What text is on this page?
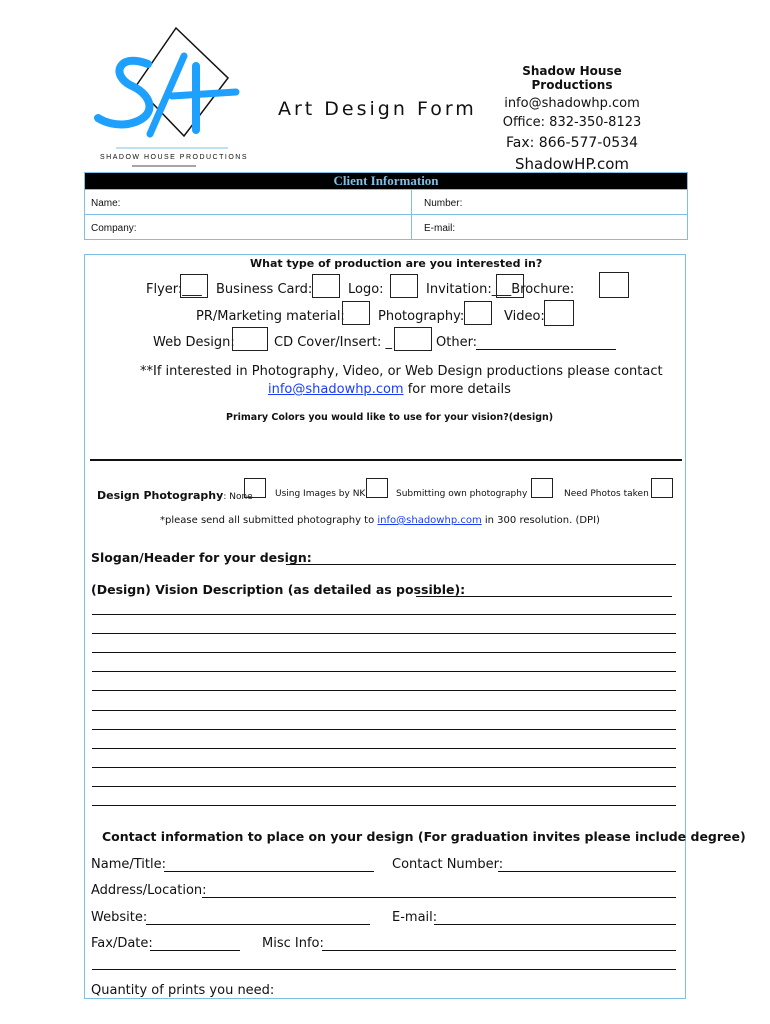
SHADOW HOUSE PRODUCTIONS
Art Design Form
Shadow House Productions
info@shadowhp.com
Office: 832-350-8123
Fax: 866-577-0534
ShadowHP.com
Client Information
Name:	Number:
Company:	E-mail:
What type of production are you interested in?
Flyer:___ Business Card:	Logo:	Invitation:___Brochure:
PR/Marketing material:	Photography:	Video:
Web Design:	CD Cover/Insert: _	Other:
**If interested in Photography, Video, or Web Design productions please contact
info@shadowhp.com for more details
Primary Colors you would like to use for your vision?(design)
Design Photography: None Using Images by NK	Submitting own photography	Need Photos taken
*please send all submitted photography to info@shadowhp.com in 300 resolution. (DPI)
Slogan/Header for your design:
(Design) Vision Description (as detailed as possible):
Contact information to place on your design (For graduation invites please include degree)
Name/Title:	Contact Number:
Address/Location:
Website:	E-mail:
Fax/Date:	Misc Info:
Quantity of prints you need:
